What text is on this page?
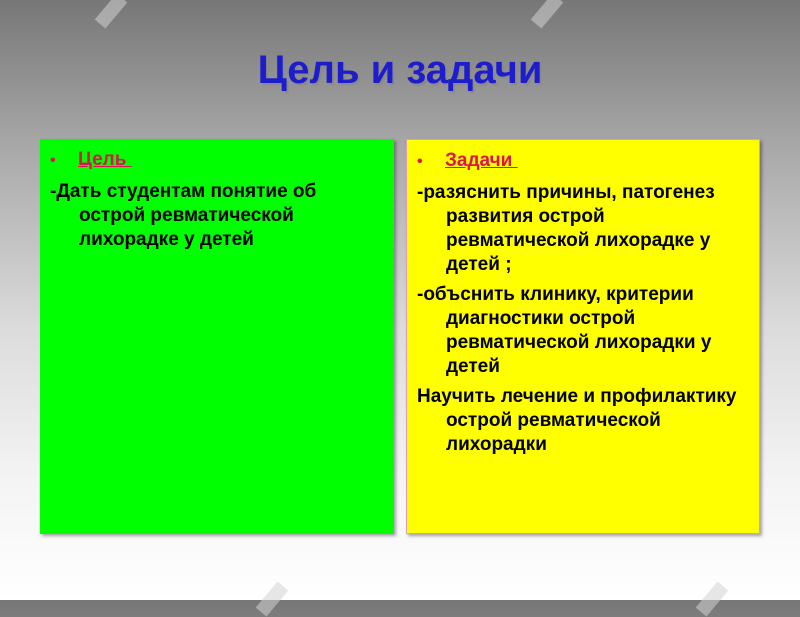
Цель и задачи
•	Цель
-Дать студентам понятие об острой ревматической лихорадке у детей
•	Задачи
-разяснить причины, патогенез развития острой ревматической лихорадке у детей ;
-объснить клинику, критерии диагностики острой ревматической лихорадки у детей
Научить лечение и профилактику острой ревматической лихорадки
